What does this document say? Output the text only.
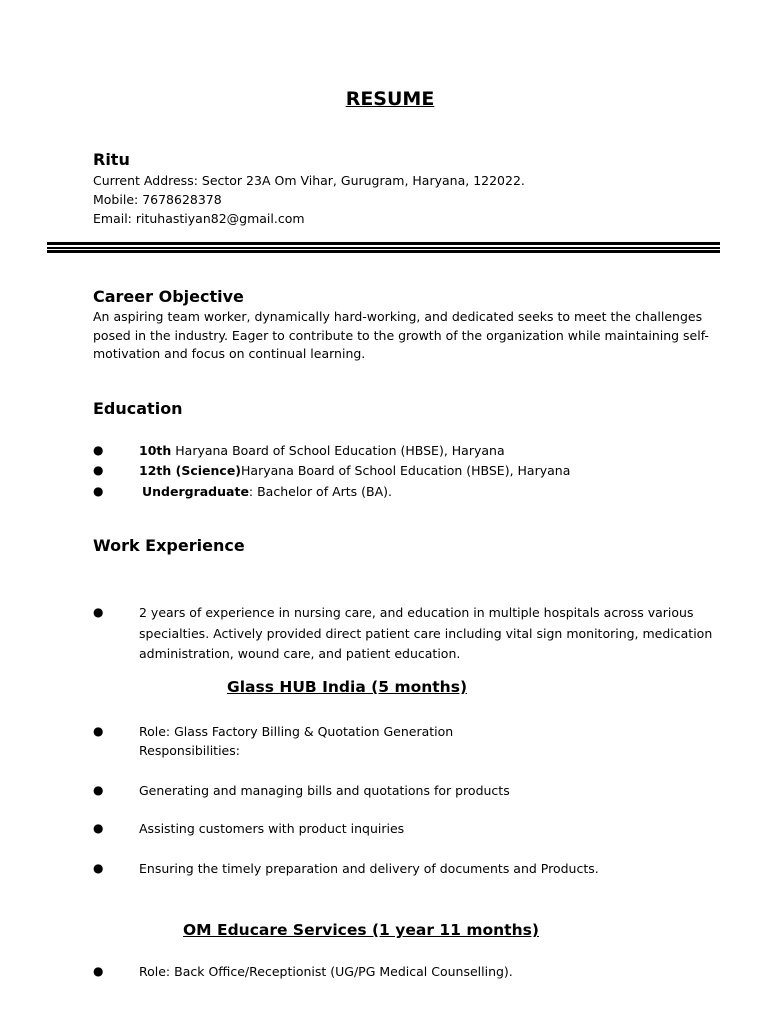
RESUME
Ritu
Current Address: Sector 23A Om Vihar, Gurugram, Haryana, 122022.
Mobile: 7678628378
Email: rituhastiyan82@gmail.com
Career Objective
An aspiring team worker, dynamically hard-working, and dedicated seeks to meet the challenges posed in the industry. Eager to contribute to the growth of the organization while maintaining self-motivation and focus on continual learning.
Education
●	10th Haryana Board of School Education (HBSE), Haryana
●	12th (Science)Haryana Board of School Education (HBSE), Haryana
●	Undergraduate: Bachelor of Arts (BA).
Work Experience
●	2 years of experience in nursing care, and education in multiple hospitals across various specialties. Actively provided direct patient care including vital sign monitoring, medication administration, wound care, and patient education.
Glass HUB India (5 months)
●	Role: Glass Factory Billing & Quotation Generation
Responsibilities:
●	Generating and managing bills and quotations for products
●	Assisting customers with product inquiries
●	Ensuring the timely preparation and delivery of documents and Products.
OM Educare Services (1 year 11 months)
●	Role: Back Office/Receptionist (UG/PG Medical Counselling).
